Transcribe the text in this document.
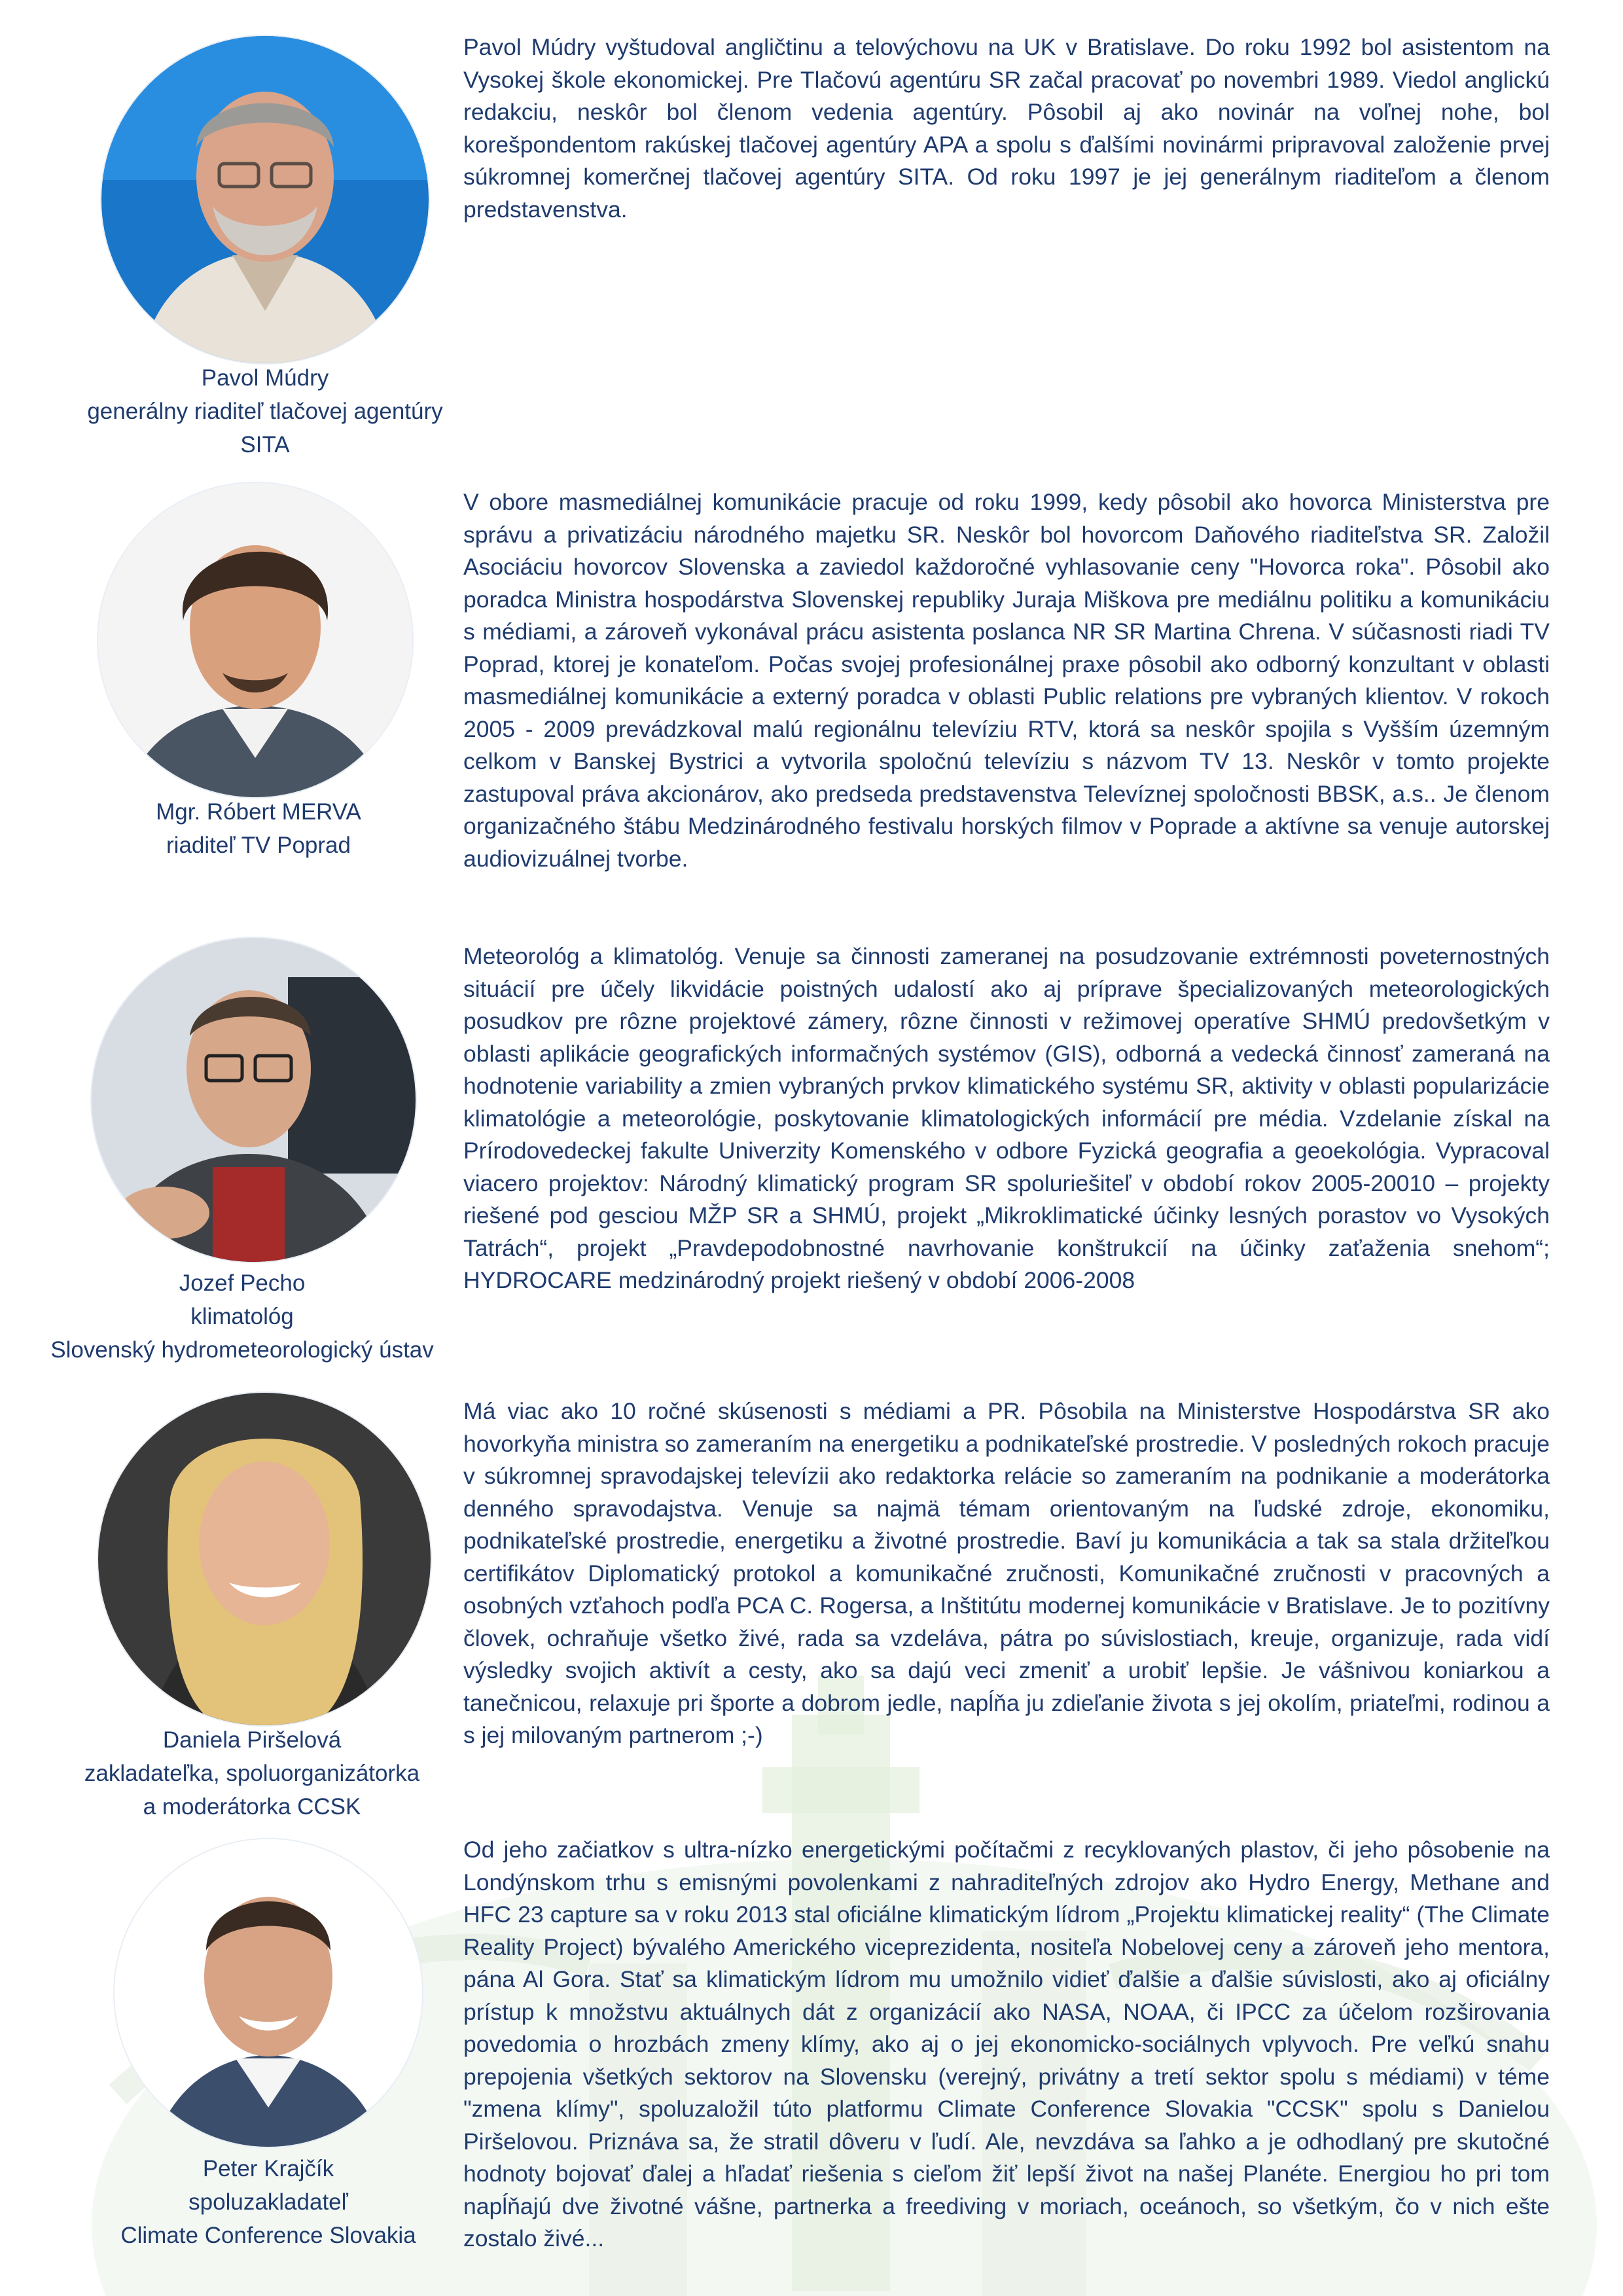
Pavol Múdry
generálny riaditeľ tlačovej agentúry
SITA
Pavol Múdry vyštudoval angličtinu a telovýchovu na UK v Bratislave. Do roku 1992 bol asistentom na Vysokej škole ekonomickej. Pre Tlačovú agentúru SR začal pracovať po novembri 1989. Viedol anglickú redakciu, neskôr bol členom vedenia agentúry. Pôsobil aj ako novinár na voľnej nohe, bol korešpondentom rakúskej tlačovej agentúry APA a spolu s ďalšími novinármi pripravoval založenie prvej súkromnej komerčnej tlačovej agentúry SITA. Od roku 1997 je jej generálnym riaditeľom a členom predstavenstva.
Mgr. Róbert MERVA
riaditeľ TV Poprad
V obore masmediálnej komunikácie pracuje od roku 1999, kedy pôsobil ako hovorca Ministerstva pre správu a privatizáciu národného majetku SR. Neskôr bol hovorcom Daňového riaditeľstva SR. Založil Asociáciu hovorcov Slovenska a zaviedol každoročné vyhlasovanie ceny "Hovorca roka". Pôsobil ako poradca Ministra hospodárstva Slovenskej republiky Juraja Miškova pre mediálnu politiku a komunikáciu s médiami, a zároveň vykonával prácu asistenta poslanca NR SR Martina Chrena. V súčasnosti riadi TV Poprad, ktorej je konateľom. Počas svojej profesionálnej praxe pôsobil ako odborný konzultant v oblasti masmediálnej komunikácie a externý poradca v oblasti Public relations pre vybraných klientov. V rokoch 2005 - 2009 prevádzkoval malú regionálnu televíziu RTV, ktorá sa neskôr spojila s Vyšším územným celkom v Banskej Bystrici a vytvorila spoločnú televíziu s názvom TV 13. Neskôr v tomto projekte zastupoval práva akcionárov, ako predseda predstavenstva Televíznej spoločnosti BBSK, a.s.. Je členom organizačného štábu Medzinárodného festivalu horských filmov v Poprade a aktívne sa venuje autorskej audiovizuálnej tvorbe.
Jozef Pecho
klimatológ
Slovenský hydrometeorologický ústav
Meteorológ a klimatológ. Venuje sa činnosti zameranej na posudzovanie extrémnosti poveternostných situácií pre účely likvidácie poistných udalostí ako aj príprave špecializovaných meteorologických posudkov pre rôzne projektové zámery, rôzne činnosti v režimovej operatíve SHMÚ predovšetkým v oblasti aplikácie geografických informačných systémov (GIS), odborná a vedecká činnosť zameraná na hodnotenie variability a zmien vybraných prvkov klimatického systému SR, aktivity v oblasti popularizácie klimatológie a meteorológie, poskytovanie klimatologických informácií pre média. Vzdelanie získal na Prírodovedeckej fakulte Univerzity Komenského v odbore Fyzická geografia a geoekológia. Vypracoval viacero projektov: Národný klimatický program SR spoluriešiteľ v období rokov 2005-20010 – projekty riešené pod gesciou MŽP SR a SHMÚ, projekt „Mikroklimatické účinky lesných porastov vo Vysokých Tatrách“, projekt „Pravdepodobnostné navrhovanie konštrukcií na účinky zaťaženia snehom“; HYDROCARE medzinárodný projekt riešený v období 2006-2008
Daniela Piršelová
zakladateľka, spoluorganizátorka
a moderátorka CCSK
Má viac ako 10 ročné skúsenosti s médiami a PR. Pôsobila na Ministerstve Hospodárstva SR ako hovorkyňa ministra so zameraním na energetiku a podnikateľské prostredie. V posledných rokoch pracuje v súkromnej spravodajskej televízii ako redaktorka relácie so zameraním na podnikanie a moderátorka denného spravodajstva. Venuje sa najmä témam orientovaným na ľudské zdroje, ekonomiku, podnikateľské prostredie, energetiku a životné prostredie. Baví ju komunikácia a tak sa stala držiteľkou certifikátov Diplomatický protokol a komunikačné zručnosti, Komunikačné zručnosti v pracovných a osobných vzťahoch podľa PCA C. Rogersa, a Inštitútu modernej komunikácie v Bratislave. Je to pozitívny človek, ochraňuje všetko živé, rada sa vzdeláva, pátra po súvislostiach, kreuje, organizuje, rada vidí výsledky svojich aktivít a cesty, ako sa dajú veci zmeniť a urobiť lepšie. Je vášnivou koniarkou a tanečnicou, relaxuje pri športe a dobrom jedle, napĺňa ju zdieľanie života s jej okolím, priateľmi, rodinou a s jej milovaným partnerom ;-)
Peter Krajčík
spoluzakladateľ
Climate Conference Slovakia
Od jeho začiatkov s ultra-nízko energetickými počítačmi z recyklovaných plastov, či jeho pôsobenie na Londýnskom trhu s emisnými povolenkami z nahraditeľných zdrojov ako Hydro Energy, Methane and HFC 23 capture sa v roku 2013 stal oficiálne klimatickým lídrom „Projektu klimatickej reality“ (The Climate Reality Project) bývalého Amerického viceprezidenta, nositeľa Nobelovej ceny a zároveň jeho mentora, pána Al Gora. Stať sa klimatickým lídrom mu umožnilo vidieť ďalšie a ďalšie súvislosti, ako aj oficiálny prístup k množstvu aktuálnych dát z organizácií ako NASA, NOAA, či IPCC za účelom rozširovania povedomia o hrozbách zmeny klímy, ako aj o jej ekonomicko-sociálnych vplyvoch. Pre veľkú snahu prepojenia všetkých sektorov na Slovensku (verejný, privátny a tretí sektor spolu s médiami) v téme "zmena klímy", spoluzaložil túto platformu Climate Conference Slovakia "CCSK" spolu s Danielou Piršelovou. Priznáva sa, že stratil dôveru v ľudí. Ale, nevzdáva sa ľahko a je odhodlaný pre skutočné hodnoty bojovať ďalej a hľadať riešenia s cieľom žiť lepší život na našej Planéte. Energiou ho pri tom napĺňajú dve životné vášne, partnerka a freediving v moriach, oceánoch, so všetkým, čo v nich ešte zostalo živé...
